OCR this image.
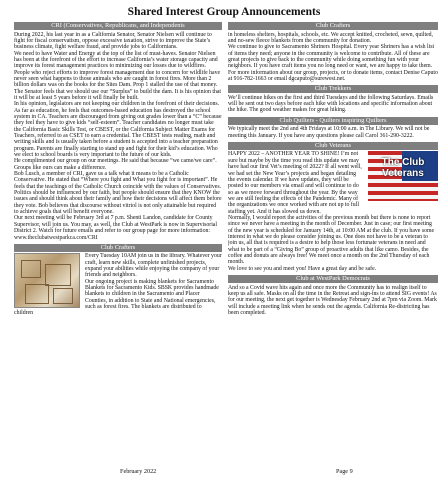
Shared Interest Group Announcements
CRI (Conservatives, Republicans, and Independents

During 2022, his last year in as a California Senator, Senator Nielsen will continue to fight for fiscal conservatism, oppose excessive taxation, strive to improve the State’s business climate, fight welfare fraud, and provide jobs to Californians.

We need to have Water and Energy at the top of the list of must-haves. Senator Nielsen has been at the forefront of the effort to increase California’s water storage capacity and improve its forest management practices to minimizing our losses due to wildfires. People who reject efforts to improve forest management due to concern for wildlife have never seen what happens to those animals who are caught in forest fires. More than 2 billion dollars was on the books for the Sites Dam. Prop 1 stalled the use of that money. The Senator feels that we should use our “Surplus” to build the dam. It is his opinion that it will be at least 5 years before it will finally be built.

In his opinion, legislators are not keeping our children in the forefront of their decisions. As far as education, he feels that outcomes-based education has destroyed the school system in CA. Teachers are discouraged from giving out grades lower than a “C” because they feel they have to give kids “self-esteem”. Teacher candidates no longer must take the California Basic Skills Test, or CBEST, or the California Subject Matter Exams for Teachers, referred to as CSET to earn a credential. The CBEST tests reading, math and writing skills and is usually taken before a student is accepted into a teacher preparation program. Parents are finally starting to stand up and fight for their kid’s education. Who we elect to school boards is very important to the future of our kids.

He complimented our group on our meetings. He said that because “we came/we care”. Groups like ours can make a difference.

Bob Lusch, a member of CRI, gave us a talk what it means to be a Catholic Conservative. He stated that “Where you fight and What you fight for is important”. He feels that the teachings of the Catholic Church coincide with the values of Conservatives. Politics should be influenced by our faith, but people should ensure that they KNOW the issues and should think about their family and how their decisions will affect them before they vote. Bob believes that discourse without vitriol is not only attainable but required to achieve goals that will benefit everyone.

Our next meeting will be February 3rd at 7 p.m. Shenti Landon, candidate for County Supervisor, will join us. You may, as well, the Club at WestPark is now in Supervisorial District 2. Watch for future emails and refer to our group page for more information:

www.theclubatwestparkca.com/CRI

Club Crafters

Every Tuesday 10AM join us in the library. Whatever your craft, learn new skills, complete unfinished projects, expand your abilities while enjoying the company of your friends and neighbors.

Our ongoing project is making blankets for Sacramento Blankets for Sacramento Kids. SBSK provides handmade blankets to children in the Sacramento and Placer Counties, in addition to State and National emergencies, such as forest fires. The blankets are distributed to children

Club Crafters

in homeless shelters, hospitals, schools, etc. We accept knitted, crocheted, sewn, quilted, and no-sew fleece blankets from the community for donation.

We continue to give to Sacramento Shriners Hospital. Every year Shriners has a wish list of items they need; anyone in the community is welcome to contribute. All of these are great projects to give back to the community while doing something fun with your neighbors. If you have craft items you no long need or want, we are happy to take them. For more information about our group, projects, or to donate items, contact Denise Caputo at 916-782-1663 or email dgcaputo@surewest.net.

Club Trekkers

We’ll continue hikes on the first and third Tuesdays and the following Saturdays. Emails will be sent out two days before each hike with locations and specific information about the hike. The good weather makes for great hiking.

Club Quilters - Quilters inspiring Quilters

We typically meet the 2nd and 4th Fridays at 10:00 a.m. in The Library. We will not be meeting this January. If you have any questions please call Carol 361-290-3222.

Club Veterans
The Club Veterans

HAPPY 2022 – ANOTHER YEAR TO SHINE! I’m not sure but maybe by the time you read this update we may have had our first Vet’s meeting of 2022? If all went well, we had set the New Year’s projects and began detailing the events calendar. If we have updates, they will be posted to our members via email and will continue to do so as we move forward throughout the year. By the way we are still feeling the effects of the Pandemic. Many of the organizations we once worked with are not up to full staffing yet. And it has slowed us down.

Normally, I would report the activities of the previous month but there is none to report since we never have a meeting in the month of December. Just in case; our first meeting of the new year is scheduled for January 14th, at 10:00 AM at the club. If you have some interest in what we do please consider joining us. One does not have to be a veteran to join us, all that is required is a desire to help those less fortunate veterans in need and what to be part of a “Giving Bo” group of proactive adults that like camo. Besides, the coffee and donuts are always free! We meet once a month on the 2nd Thursday of each month.

We love to see you and meet you! Have a great day and be safe.

Club at WestPark Democrats

And so a Covid wave hits again and once more the Community has to realign itself to keep us all safe. Masks on all the time in the Retreat and sign-ins to attend SIG events! As for our meeting, the next get together is Wednesday February 2nd at 7pm via Zoom. Mark will include a meeting link when he sends out the agenda. California Re-districting has been completed.

February 2022	Page 9
